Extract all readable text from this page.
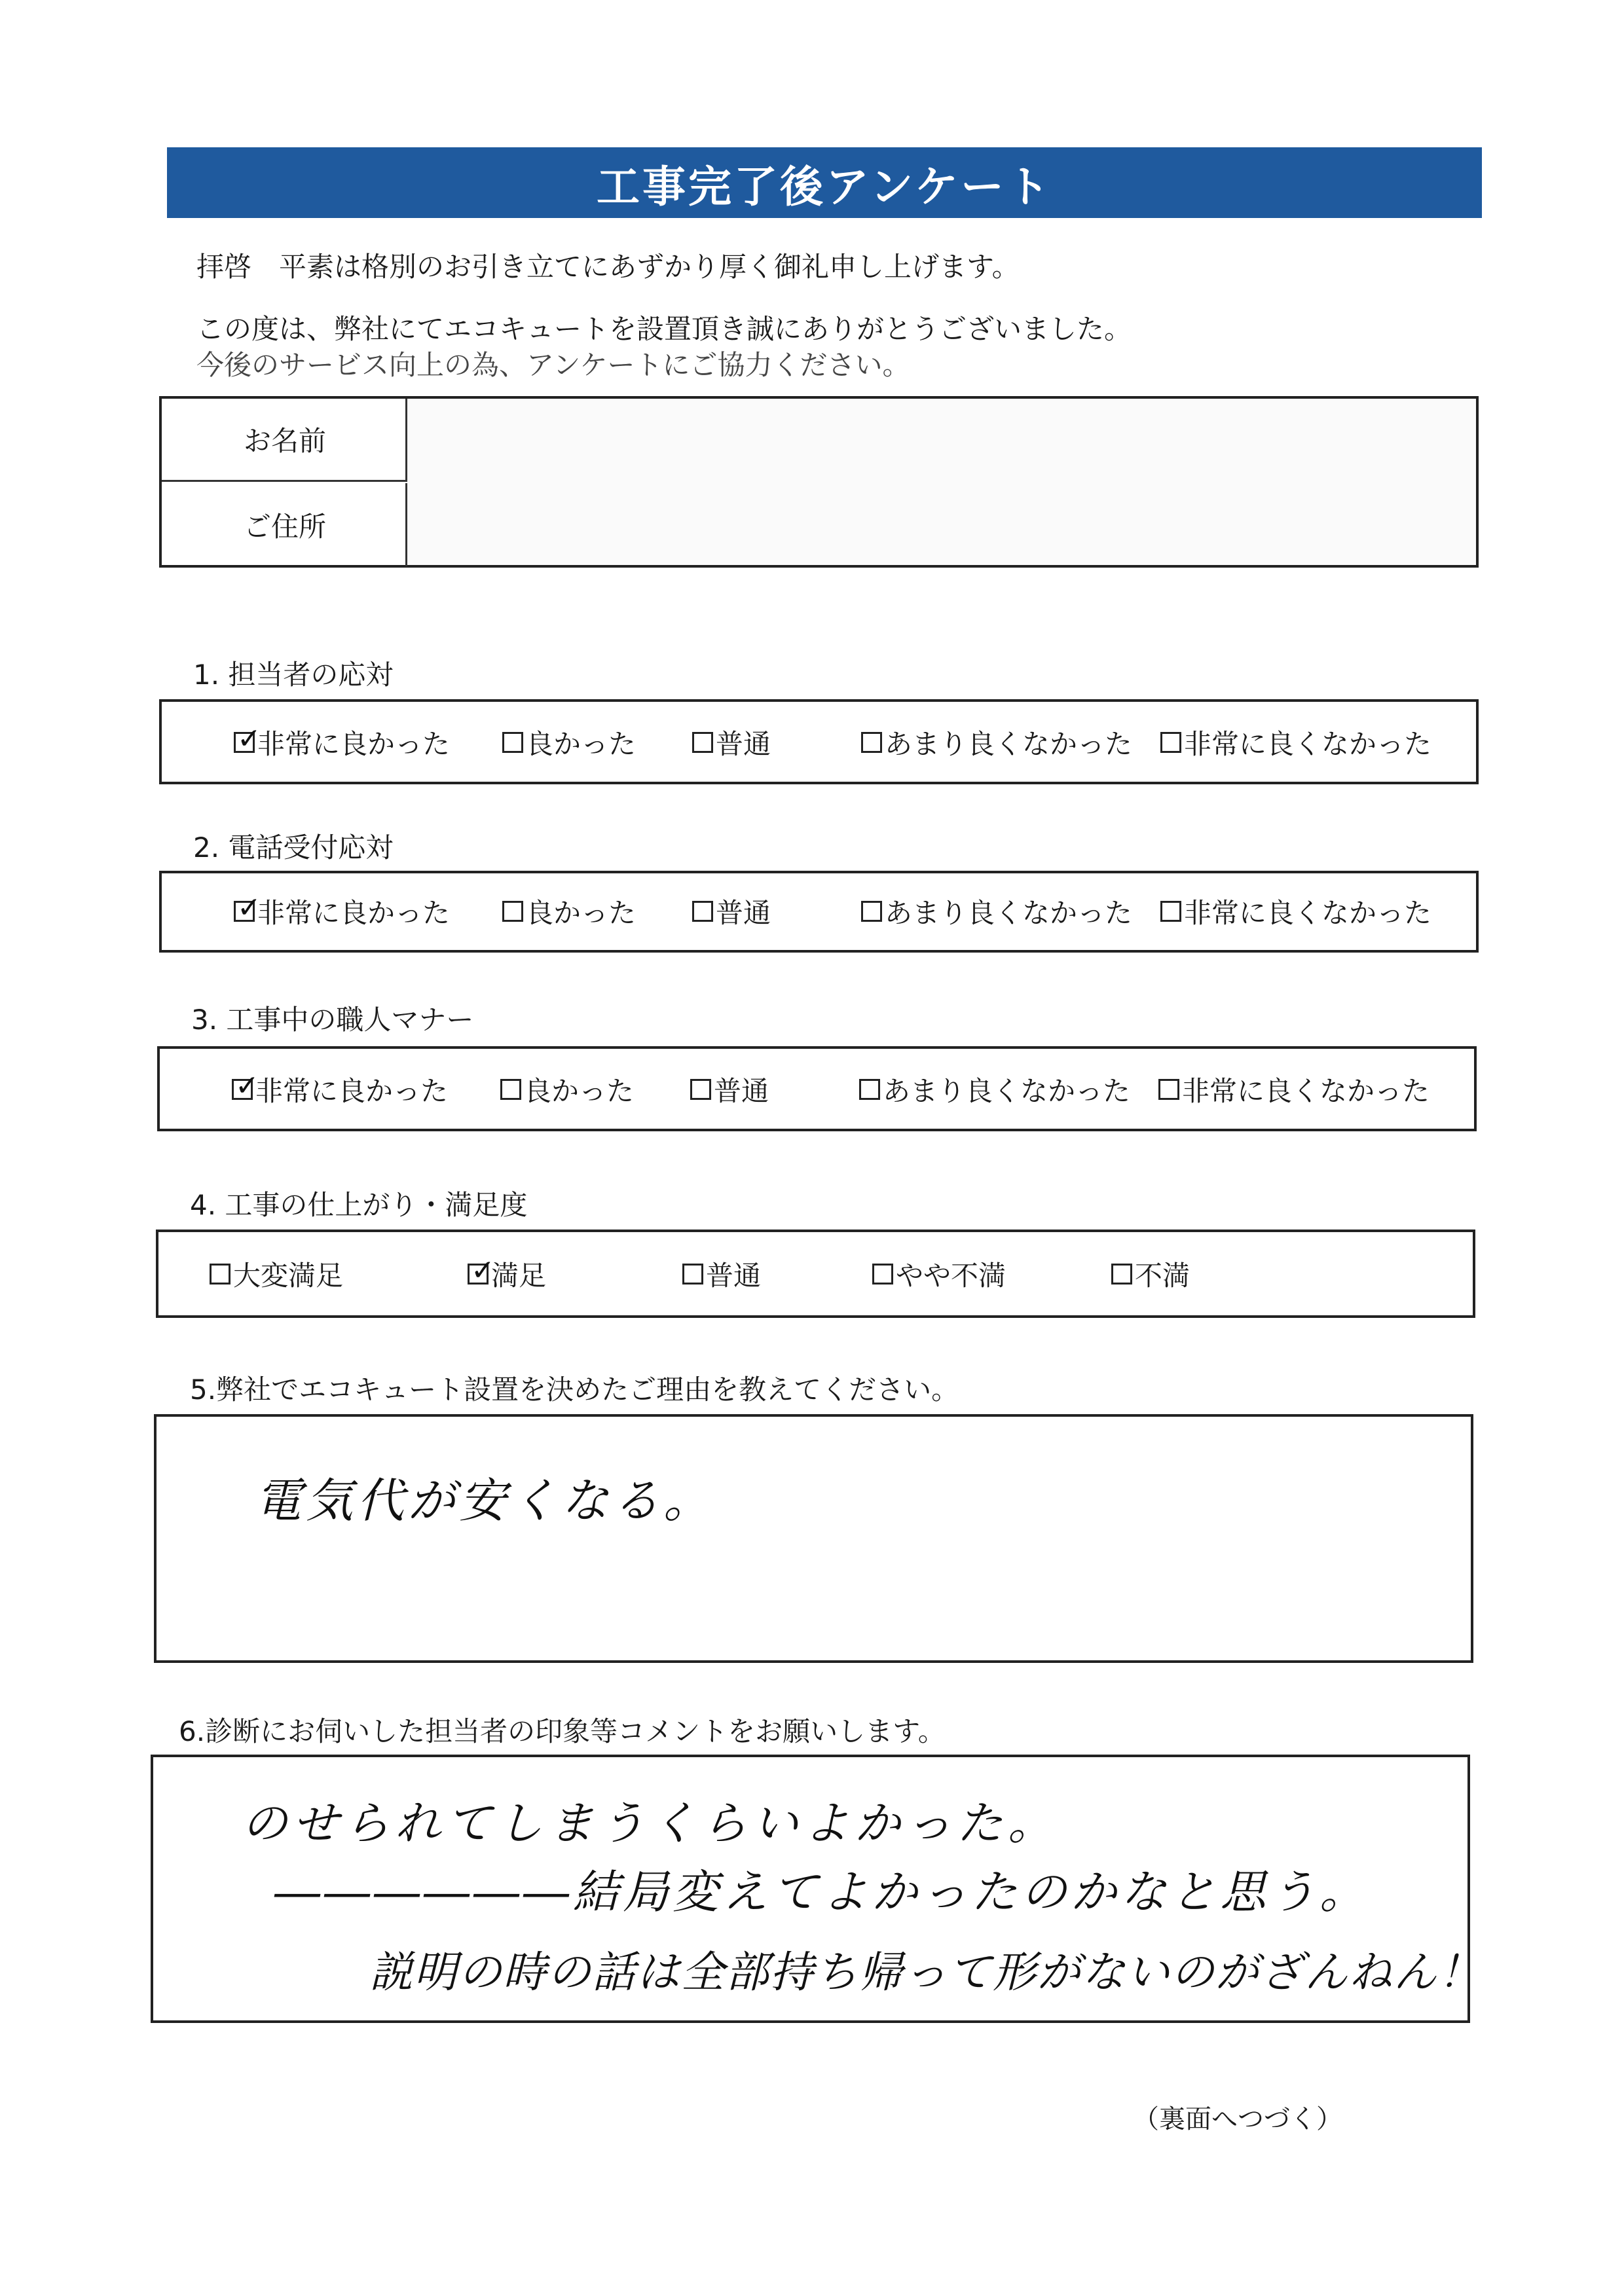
工事完了後アンケート
拝啓　平素は格別のお引き立てにあずかり厚く御礼申し上げます。
この度は、弊社にてエコキュートを設置頂き誠にありがとうございました。
今後のサービス向上の為、アンケートにご協力ください。
お名前
ご住所
1. 担当者の応対
✓
非常に良かった	良かった	普通	あまり良くなかった 非常に良くなかった
2. 電話受付応対
✓
非常に良かった	良かった	普通	あまり良くなかった 非常に良くなかった
3. 工事中の職人マナー
✓
非常に良かった	良かった	普通	あまり良くなかった 非常に良くなかった
4. 工事の仕上がり・満足度
大変満足
✓	満足	普通	やや不満	不満
5.弊社でエコキュート設置を決めたご理由を教えてください。
電気代が安くなる。
6.診断にお伺いした担当者の印象等コメントをお願いします。
のせられてしまうくらいよかった。
――――――結局変えてよかったのかなと思う。
説明の時の話は全部持ち帰って形がないのがざんねん！
（裏面へつづく）
